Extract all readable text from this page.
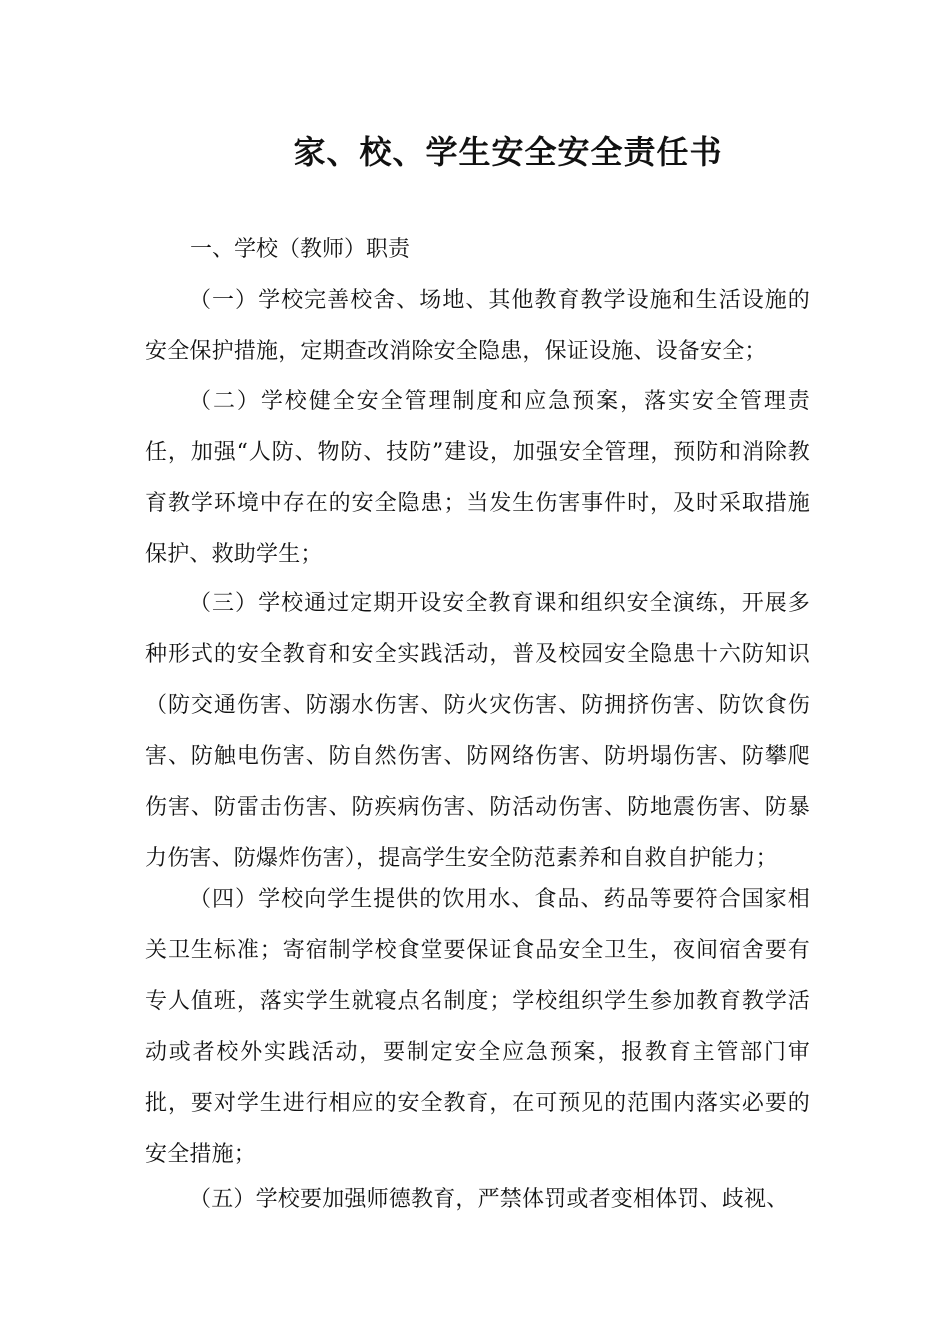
家、校、学生安全安全责任书
一、学校（教师）职责
（一）学校完善校舍、场地、其他教育教学设施和生活设施的安全保护措施，定期查改消除安全隐患，保证设施、设备安全；
（二）学校健全安全管理制度和应急预案，落实安全管理责任，加强“人防、物防、技防”建设，加强安全管理，预防和消除教育教学环境中存在的安全隐患；当发生伤害事件时，及时采取措施保护、救助学生；
（三）学校通过定期开设安全教育课和组织安全演练，开展多种形式的安全教育和安全实践活动，普及校园安全隐患十六防知识（防交通伤害、防溺水伤害、防火灾伤害、防拥挤伤害、防饮食伤害、防触电伤害、防自然伤害、防网络伤害、防坍塌伤害、防攀爬伤害、防雷击伤害、防疾病伤害、防活动伤害、防地震伤害、防暴力伤害、防爆炸伤害），提高学生安全防范素养和自救自护能力；
（四）学校向学生提供的饮用水、食品、药品等要符合国家相关卫生标准；寄宿制学校食堂要保证食品安全卫生，夜间宿舍要有专人值班，落实学生就寝点名制度；学校组织学生参加教育教学活动或者校外实践活动，要制定安全应急预案，报教育主管部门审批，要对学生进行相应的安全教育，在可预见的范围内落实必要的安全措施；
（五）学校要加强师德教育，严禁体罚或者变相体罚、歧视、
